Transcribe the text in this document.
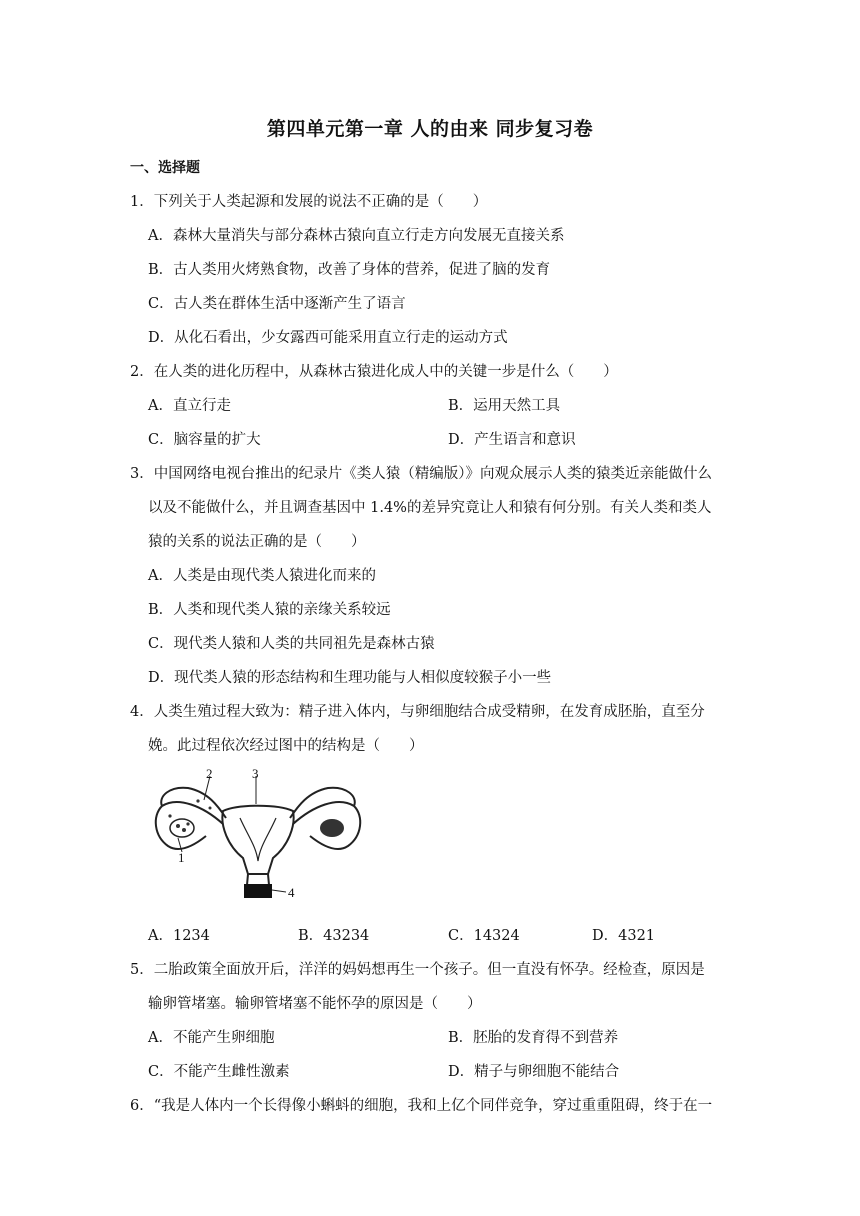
第四单元第一章 人的由来 同步复习卷
一、选择题
1．下列关于人类起源和发展的说法不正确的是（　　）
A．森林大量消失与部分森林古猿向直立行走方向发展无直接关系
B．古人类用火烤熟食物，改善了身体的营养，促进了脑的发育
C．古人类在群体生活中逐渐产生了语言
D．从化石看出，少女露西可能采用直立行走的运动方式
2．在人类的进化历程中，从森林古猿进化成人中的关键一步是什么（　　）
A．直立行走	B．运用天然工具
C．脑容量的扩大	D．产生语言和意识
3．中国网络电视台推出的纪录片《类人猿（精编版）》向观众展示人类的猿类近亲能做什么
以及不能做什么，并且调查基因中 1.4%的差异究竟让人和猿有何分别。有关人类和类人
猿的关系的说法正确的是（　　）
A．人类是由现代类人猿进化而来的
B．人类和现代类人猿的亲缘关系较远
C．现代类人猿和人类的共同祖先是森林古猿
D．现代类人猿的形态结构和生理功能与人相似度较猴子小一些
4．人类生殖过程大致为：精子进入体内，与卵细胞结合成受精卵，在发育成胚胎，直至分
娩。此过程依次经过图中的结构是（　　）
2	3
1
4
A．1234	B．43234	C．14324	D．4321
5．二胎政策全面放开后，洋洋的妈妈想再生一个孩子。但一直没有怀孕。经检查，原因是
输卵管堵塞。输卵管堵塞不能怀孕的原因是（　　）
A．不能产生卵细胞	B．胚胎的发育得不到营养
C．不能产生雌性激素	D．精子与卵细胞不能结合
6．“我是人体内一个长得像小蝌蚪的细胞，我和上亿个同伴竞争，穿过重重阻碍，终于在一
